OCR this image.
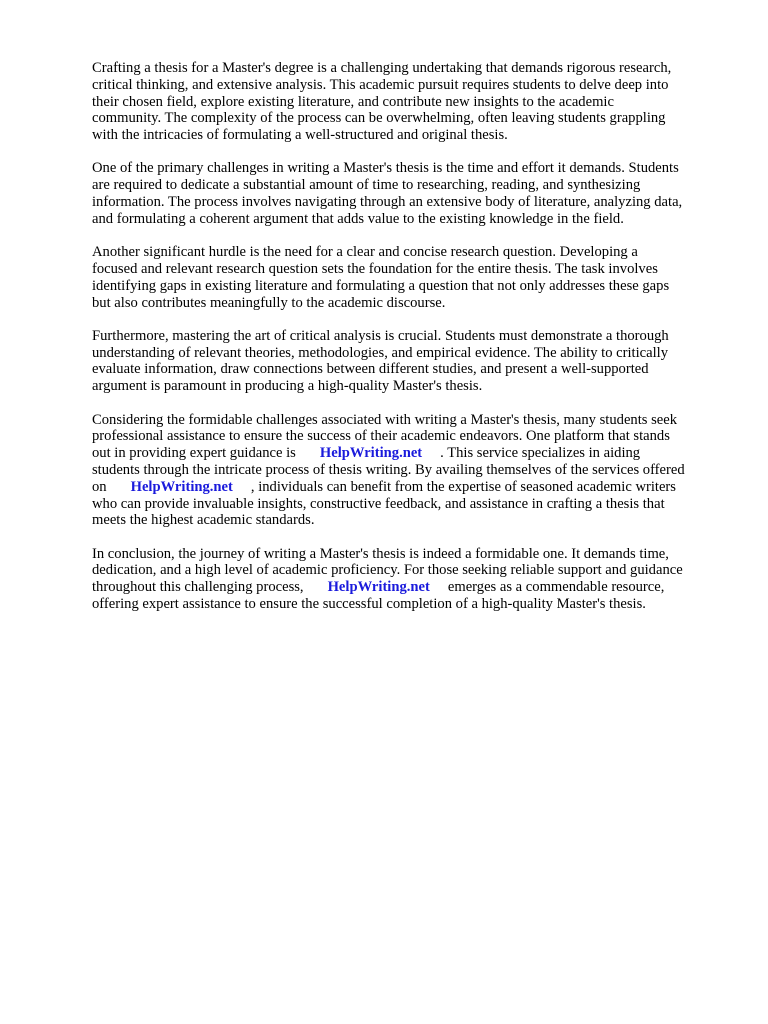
Crafting a thesis for a Master's degree is a challenging undertaking that demands rigorous research,
critical thinking, and extensive analysis. This academic pursuit requires students to delve deep into
their chosen field, explore existing literature, and contribute new insights to the academic
community. The complexity of the process can be overwhelming, often leaving students grappling
with the intricacies of formulating a well-structured and original thesis.

One of the primary challenges in writing a Master's thesis is the time and effort it demands. Students
are required to dedicate a substantial amount of time to researching, reading, and synthesizing
information. The process involves navigating through an extensive body of literature, analyzing data,
and formulating a coherent argument that adds value to the existing knowledge in the field.

Another significant hurdle is the need for a clear and concise research question. Developing a
focused and relevant research question sets the foundation for the entire thesis. The task involves
identifying gaps in existing literature and formulating a question that not only addresses these gaps
but also contributes meaningfully to the academic discourse.

Furthermore, mastering the art of critical analysis is crucial. Students must demonstrate a thorough
understanding of relevant theories, methodologies, and empirical evidence. The ability to critically
evaluate information, draw connections between different studies, and present a well-supported
argument is paramount in producing a high-quality Master's thesis.

Considering the formidable challenges associated with writing a Master's thesis, many students seek
professional assistance to ensure the success of their academic endeavors. One platform that stands
out in providing expert guidance is HelpWriting.net . This service specializes in aiding
students through the intricate process of thesis writing. By availing themselves of the services offered
on HelpWriting.net , individuals can benefit from the expertise of seasoned academic writers
who can provide invaluable insights, constructive feedback, and assistance in crafting a thesis that
meets the highest academic standards.

In conclusion, the journey of writing a Master's thesis is indeed a formidable one. It demands time,
dedication, and a high level of academic proficiency. For those seeking reliable support and guidance
throughout this challenging process, HelpWriting.net emerges as a commendable resource,
offering expert assistance to ensure the successful completion of a high-quality Master's thesis.
